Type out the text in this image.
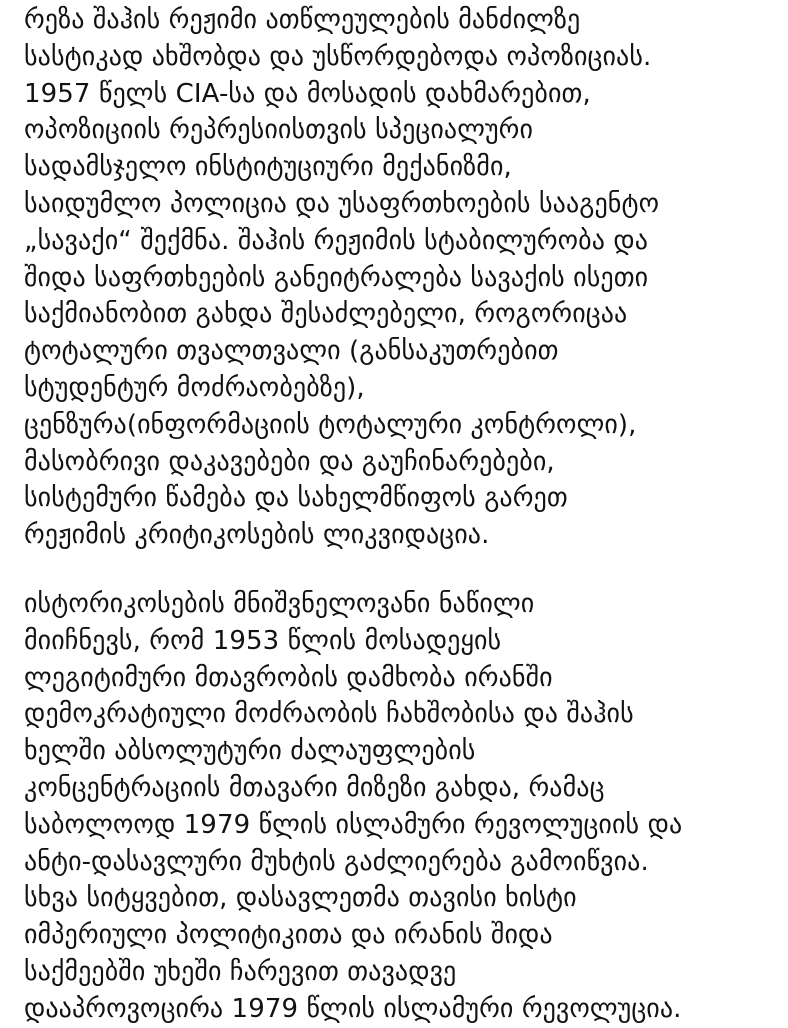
რეზა შაჰის რეჟიმი ათწლეულების მანძილზე
სასტიკად ახშობდა და უსწორდებოდა ოპოზიციას.
1957 წელს CIA-სა და მოსადის დახმარებით,
ოპოზიციის რეპრესიისთვის სპეციალური
სადამსჯელო ინსტიტუციური მექანიზმი,
საიდუმლო პოლიცია და უსაფრთხოების სააგენტო
„სავაქი“ შექმნა. შაჰის რეჟიმის სტაბილურობა და
შიდა საფრთხეების განეიტრალება სავაქის ისეთი
საქმიანობით გახდა შესაძლებელი, როგორიცაა
ტოტალური თვალთვალი (განსაკუთრებით
სტუდენტურ მოძრაობებზე),
ცენზურა(ინფორმაციის ტოტალური კონტროლი),
მასობრივი დაკავებები და გაუჩინარებები,
სისტემური წამება და სახელმწიფოს გარეთ
რეჟიმის კრიტიკოსების ლიკვიდაცია.
ისტორიკოსების მნიშვნელოვანი ნაწილი
მიიჩნევს, რომ 1953 წლის მოსადეყის
ლეგიტიმური მთავრობის დამხობა ირანში
დემოკრატიული მოძრაობის ჩახშობისა და შაჰის
ხელში აბსოლუტური ძალაუფლების
კონცენტრაციის მთავარი მიზეზი გახდა, რამაც
საბოლოოდ 1979 წლის ისლამური რევოლუციის და
ანტი-დასავლური მუხტის გაძლიერება გამოიწვია.
სხვა სიტყვებით, დასავლეთმა თავისი ხისტი
იმპერიული პოლიტიკითა და ირანის შიდა
საქმეებში უხეში ჩარევით თავადვე
დააპროვოცირა 1979 წლის ისლამური რევოლუცია.
